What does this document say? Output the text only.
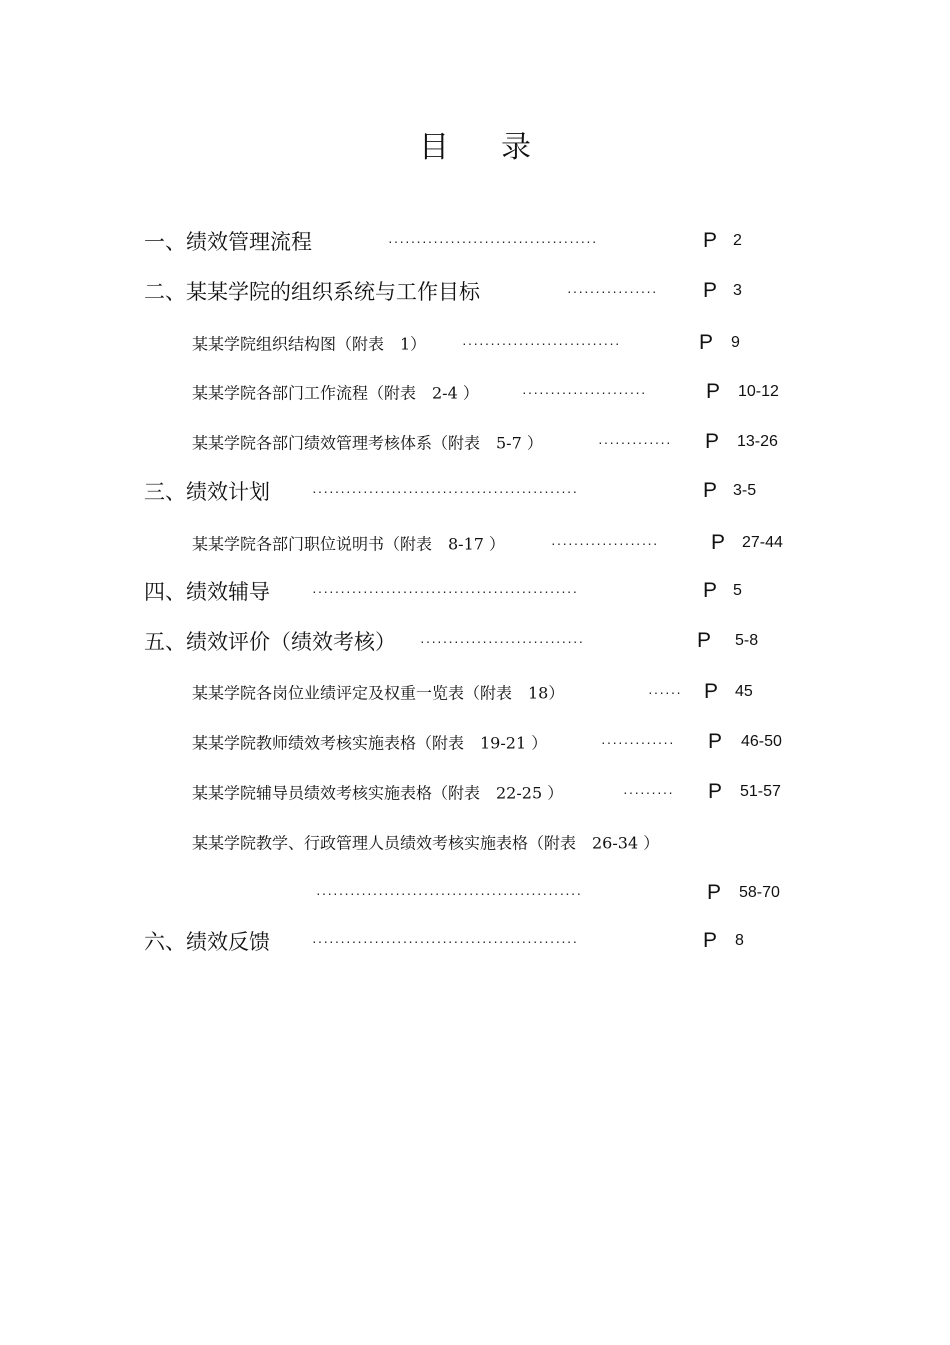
目 录
一、绩效管理流程	·····································	P 2
二、某某学院的组织系统与工作目标	················ P 3
某某学院组织结构图（附表　1）	····························	P 9
某某学院各部门工作流程（附表　2-4 ）	······················	P 10-12
某某学院各部门绩效管理考核体系（附表　5-7 ）	············· P 13-26
三、绩效计划	···············································	P 3-5
某某学院各部门职位说明书（附表　8-17 ）	··················· P 27-44
四、绩效辅导	···············································	P 5
五、绩效评价（绩效考核） ·····························	P 5-8
某某学院各岗位业绩评定及权重一览表（附表　18）	······ P 45
某某学院教师绩效考核实施表格（附表　19-21 ）	············· P 46-50
某某学院辅导员绩效考核实施表格（附表　22-25 ）	········· P 51-57
某某学院教学、行政管理人员绩效考核实施表格（附表　26-34 ）
···············································	P 58-70
六、绩效反馈	···············································	P 8
